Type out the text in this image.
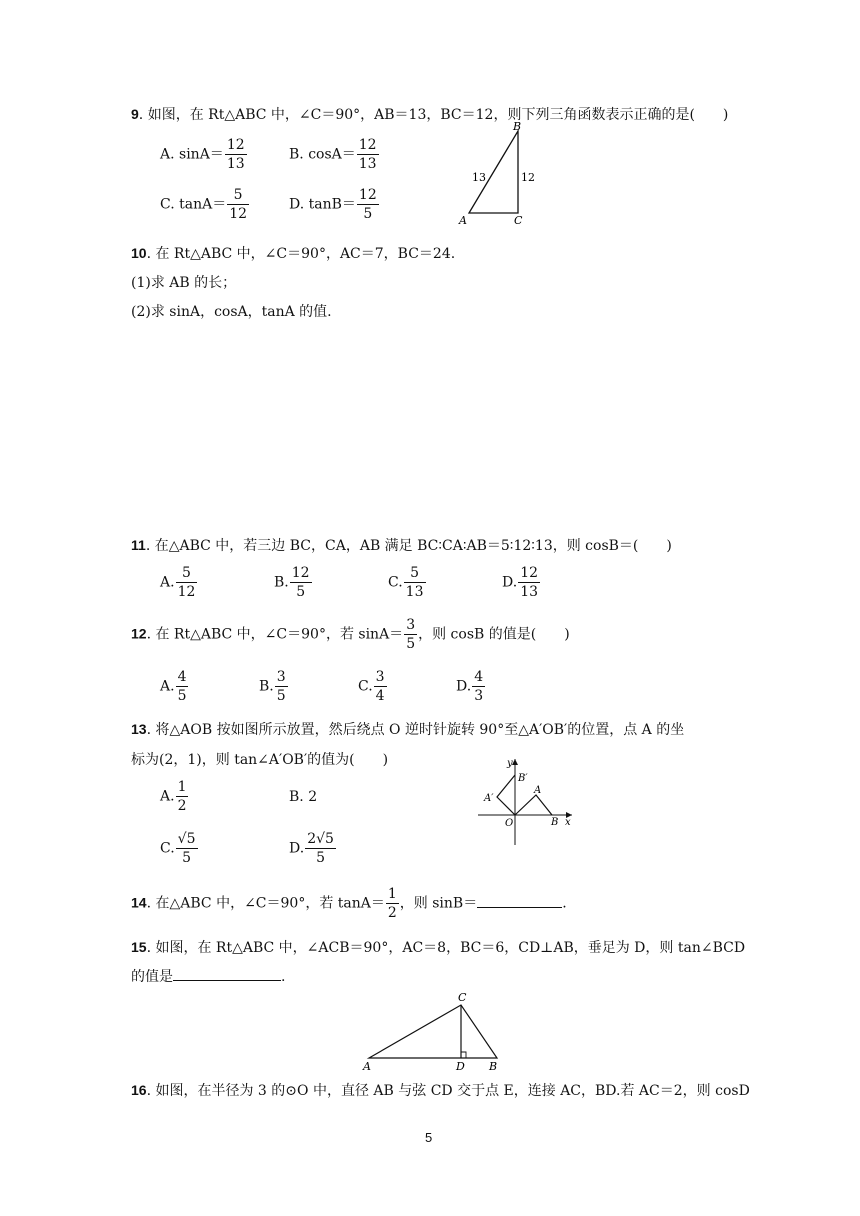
9. 如图，在 Rt△ABC 中，∠C＝90°，AB＝13，BC＝12，则下列三角函数表示正确的是(　　)
A. $\sin A= \frac{12}{13}$	B. $\cos A= \frac{12}{13}$
C. $\tan A= \frac{5}{12}$	D. $\tan B= \frac{12}{5}$
B
A	C
13	12
10. 在 Rt△ABC 中，∠C＝90°，AC＝7，BC＝24.
(1)求 AB 的长；
(2)求 sinA，cosA，tanA 的值.
11. 在△ABC 中，若三边 BC，CA，AB 满足 BC∶CA∶AB＝5∶12∶13，则 cosB＝(　　)
A. $\frac{5}{12}$	B. $\frac{12}{5}$	C. $\frac{5}{13}$	D. $\frac{12}{13}$
12. 在 Rt△ABC 中，∠C＝90°，若 $\sin A= \frac{3}{5}$ ，则 cosB 的值是(　　)
A. $\frac{4}{5}$	B. $\frac{3}{5}$	C. $\frac{3}{4}$	D. $\frac{4}{3}$
13. 将△AOB 按如图所示放置，然后绕点 O 逆时针旋转 90°至△A′OB′的位置，点 A 的坐
标为(2，1)，则 tan∠A′OB′的值为(　　)
A. $\frac{1}{2}$	B. 2
C. $\frac{√5}{5}$	D. $\frac{2√5}{5}$
y
x
O
A
B
A′
B′
14. 在△ABC 中，∠C＝90°，若 $\tan A= \frac{1}{2}$ ，则 sinB＝	.
15. 如图，在 Rt△ABC 中，∠ACB＝90°，AC＝8，BC＝6，CD⊥AB，垂足为 D，则 tan∠BCD
的值是	.
C
A	D B
16. 如图，在半径为 3 的⊙O 中，直径 AB 与弦 CD 交于点 E，连接 AC，BD.若 AC＝2，则 cosD
5
